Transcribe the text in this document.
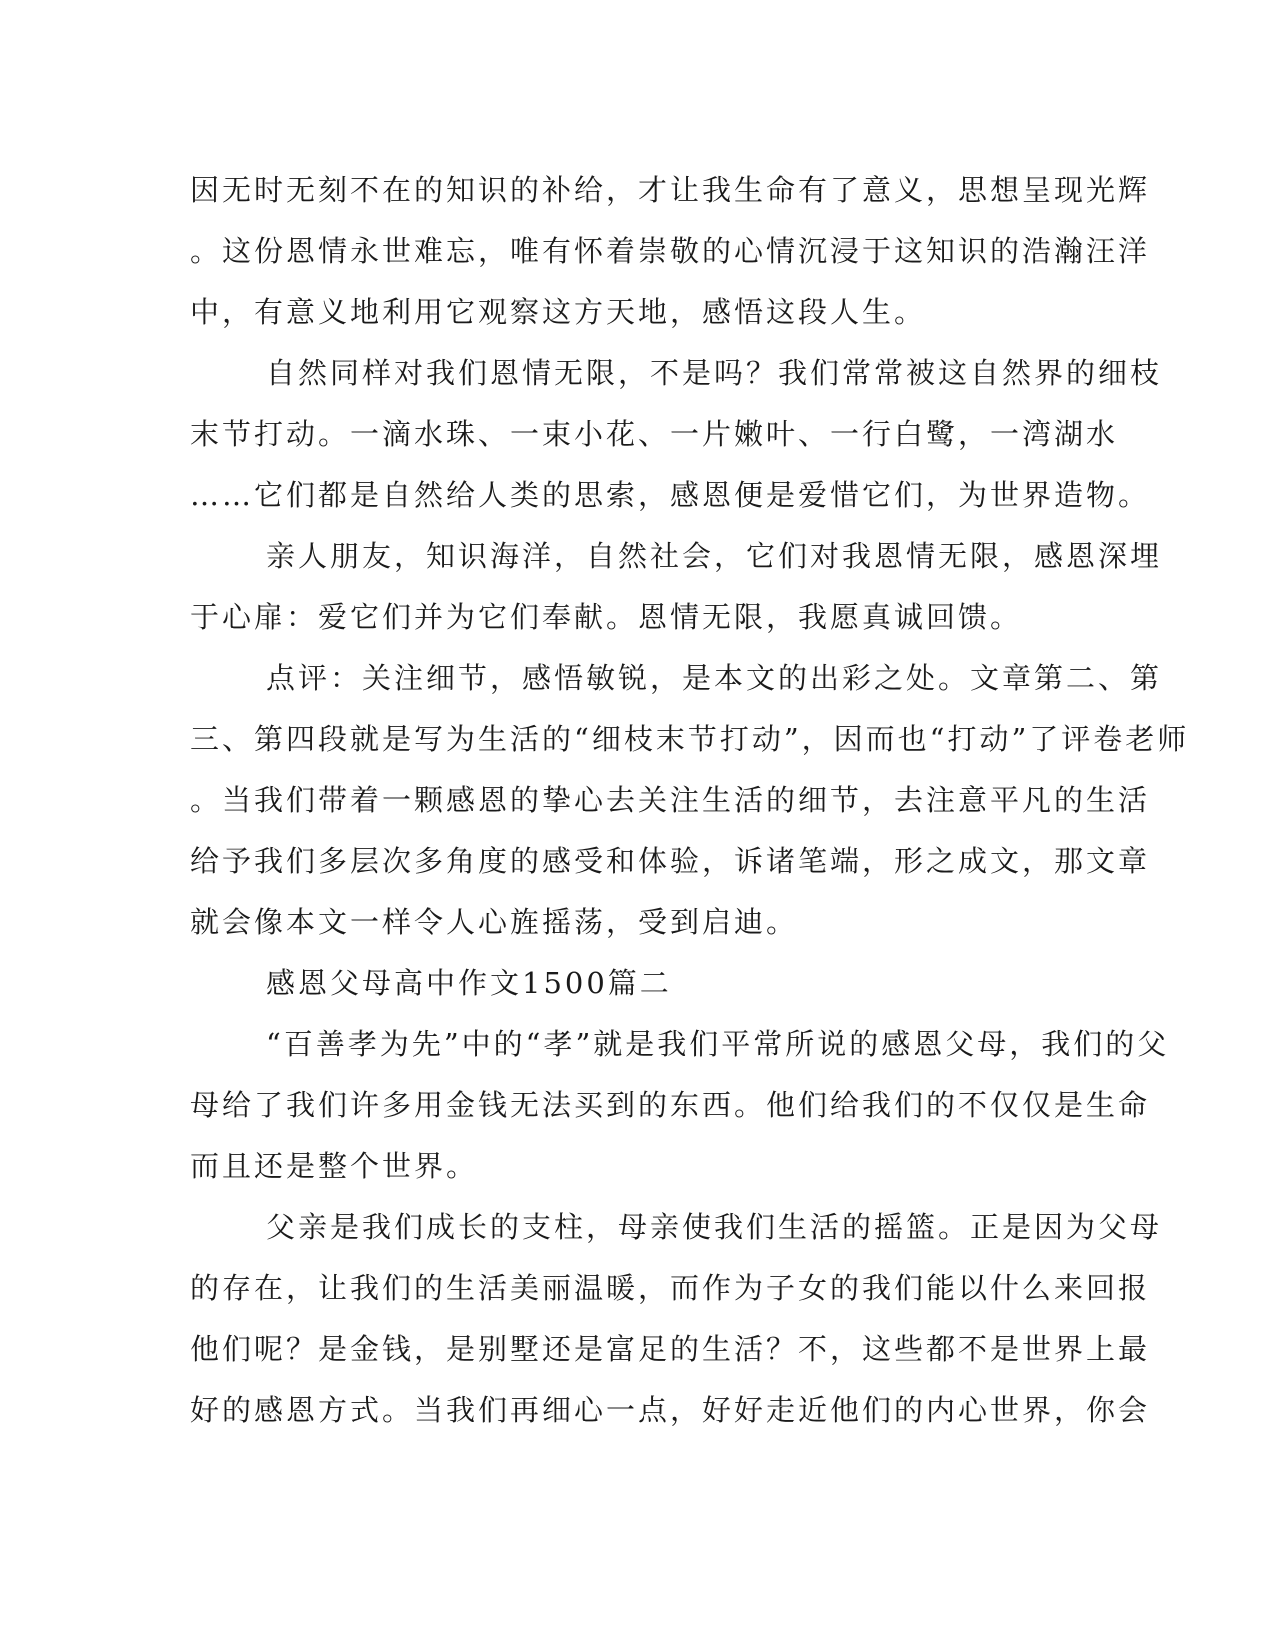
因无时无刻不在的知识的补给，才让我生命有了意义，思想呈现光辉
。这份恩情永世难忘，唯有怀着崇敬的心情沉浸于这知识的浩瀚汪洋
中，有意义地利用它观察这方天地，感悟这段人生。
自然同样对我们恩情无限，不是吗？我们常常被这自然界的细枝
末节打动。一滴水珠、一束小花、一片嫩叶、一行白鹭，一湾湖水
……它们都是自然给人类的思索，感恩便是爱惜它们，为世界造物。
亲人朋友，知识海洋，自然社会，它们对我恩情无限，感恩深埋
于心扉：爱它们并为它们奉献。恩情无限，我愿真诚回馈。
点评：关注细节，感悟敏锐，是本文的出彩之处。文章第二、第
三、第四段就是写为生活的“细枝末节打动”，因而也“打动”了评卷老师
。当我们带着一颗感恩的挚心去关注生活的细节，去注意平凡的生活
给予我们多层次多角度的感受和体验，诉诸笔端，形之成文，那文章
就会像本文一样令人心旌摇荡，受到启迪。
感恩父母高中作文1500篇二
“百善孝为先”中的“孝”就是我们平常所说的感恩父母，我们的父
母给了我们许多用金钱无法买到的东西。他们给我们的不仅仅是生命
而且还是整个世界。
父亲是我们成长的支柱，母亲使我们生活的摇篮。正是因为父母
的存在，让我们的生活美丽温暖，而作为子女的我们能以什么来回报
他们呢？是金钱，是别墅还是富足的生活？不，这些都不是世界上最
好的感恩方式。当我们再细心一点，好好走近他们的内心世界，你会
